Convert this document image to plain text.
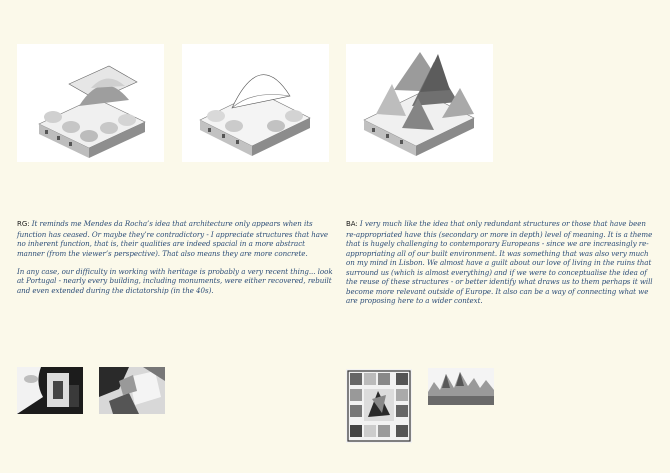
RG: It reminds me Mendes da Rocha’s idea that architecture only appears when its function has ceased. Or maybe they’re contradictory - I appreciate structures that have no inherent function, that is, their qualities are indeed spacial in a more abstract manner (from the viewer’s perspective). That also means they are more concrete.

In any case, our difficulty in working with heritage is probably a very recent thing... look at Portugal - nearly every building, including monuments, were either recovered, rebuilt and even extended during the dictatorship (in the 40s).

BA: I very much like the idea that only redundant structures or those that have been re-appropriated have this (secondary or more in depth) level of meaning. It is a theme that is hugely challenging to contemporary Europeans - since we are increasingly re-appropriating all of our built environment. It was something that was also very much on my mind in Lisbon. We almost have a guilt about our love of living in the ruins that surround us (which is almost everything) and if we were to conceptualise the idea of the reuse of these structures - or better identify what draws us to them perhaps it will become more relevant outside of Europe. It also can be a way of connecting what we are proposing here to a wider context.
